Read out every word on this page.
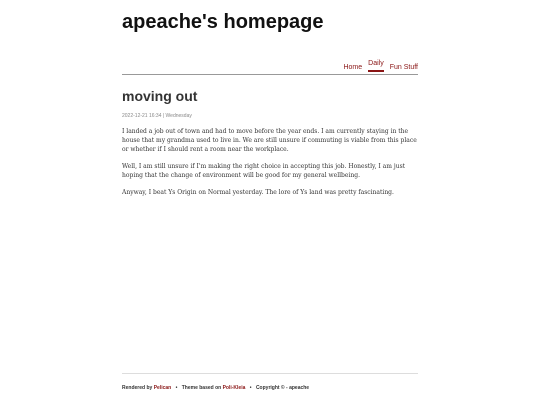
apeache's homepage
Home
Daily
Fun Stuff
moving out
2022-12-21 16:34 | Wednesday

I landed a job out of town and had to move before the year ends. I am currently staying in the house that my grandma used to live in. We are still unsure if commuting is viable from this place or whether if I should rent a room near the workplace.

Well, I am still unsure if I'm making the right choice in accepting this job. Honestly, I am just hoping that the change of environment will be good for my general wellbeing.

Anyway, I beat Ys Origin on Normal yesterday. The lore of Ys land was pretty fascinating.

Rendered by Pelican • Theme based on Poli-Kleia • Copyright © - apeache
